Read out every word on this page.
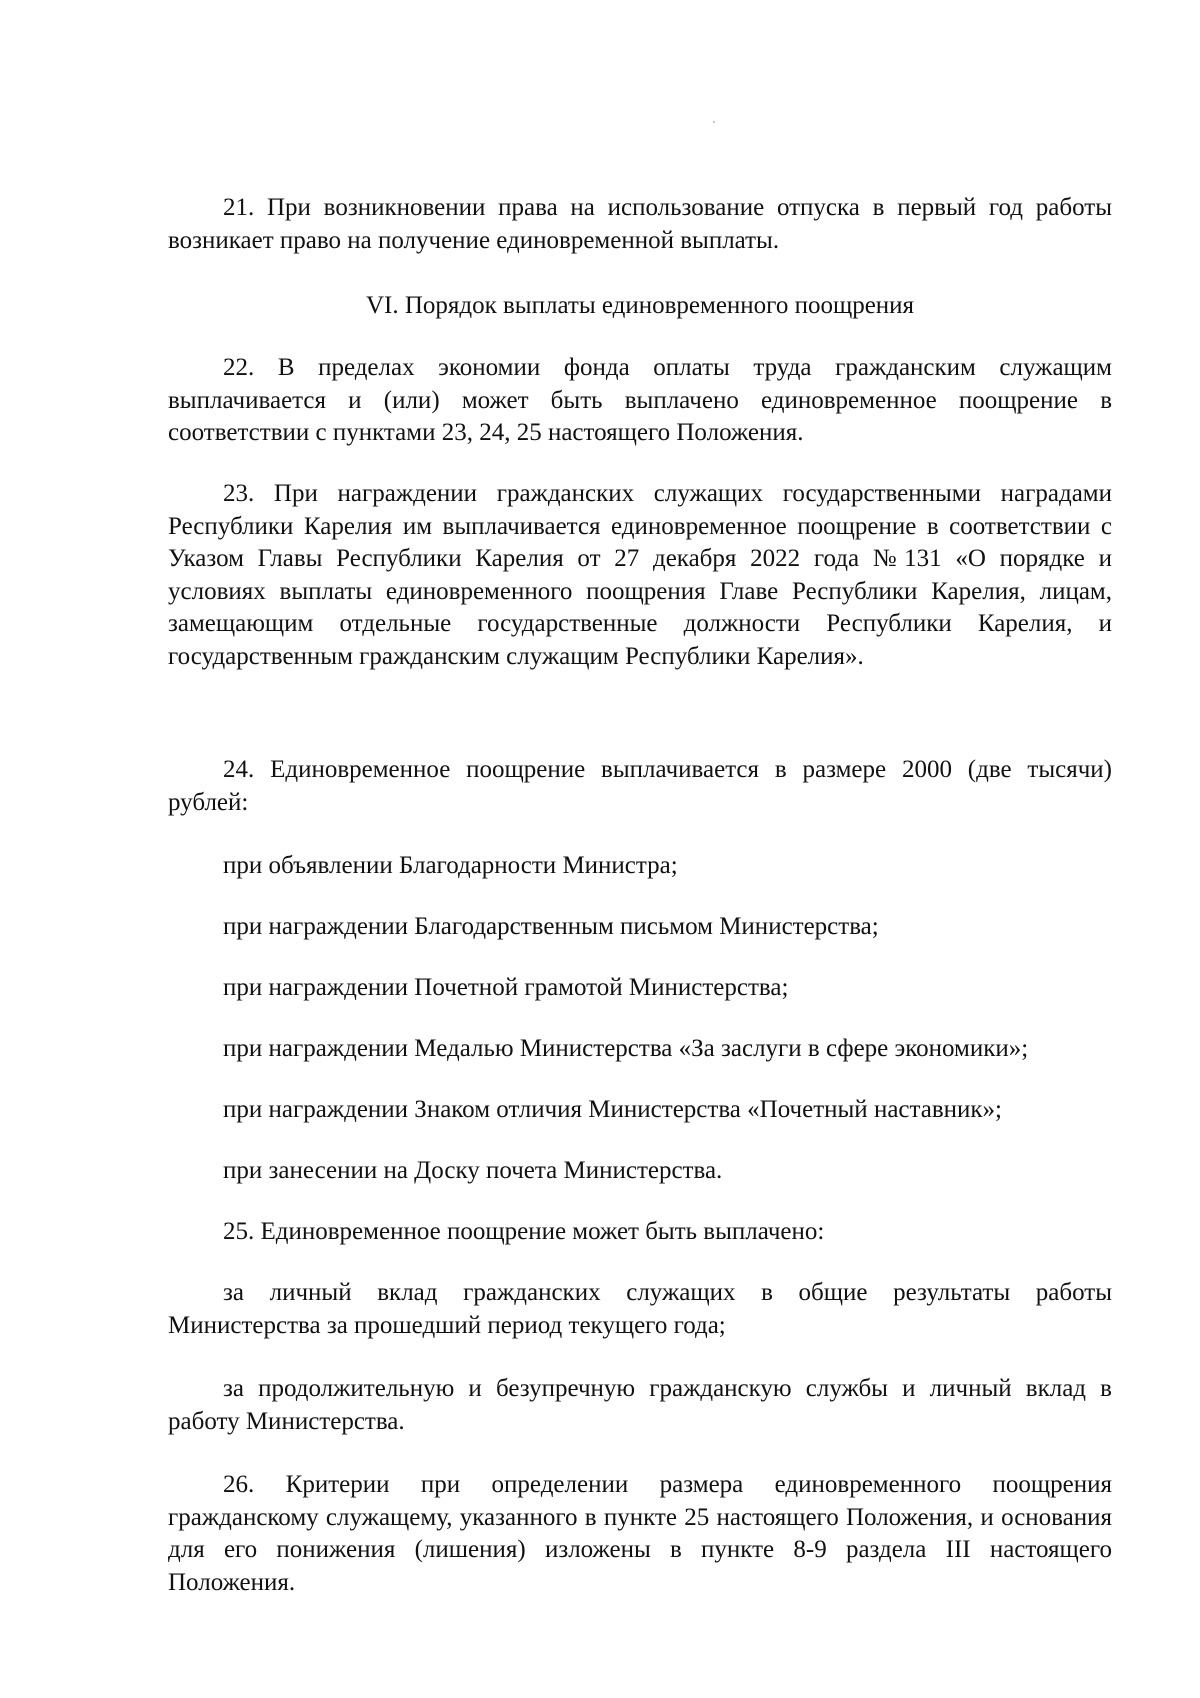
21. При возникновении права на использование отпуска в первый год работы возникает право на получение единовременной выплаты.

VI. Порядок выплаты единовременного поощрения

22. В пределах экономии фонда оплаты труда гражданским служащим выплачивается и (или) может быть выплачено единовременное поощрение в соответствии с пунктами 23, 24, 25 настоящего Положения.

23. При награждении гражданских служащих государственными наградами Республики Карелия им выплачивается единовременное поощрение в соответствии с Указом Главы Республики Карелия от 27 декабря 2022 года №131 «О порядке и условиях выплаты единовременного поощрения Главе Республики Карелия, лицам, замещающим отдельные государственные должности Республики Карелия, и государственным гражданским служащим Республики Карелия».

24. Единовременное поощрение выплачивается в размере 2000 (две тысячи) рублей:

при объявлении Благодарности Министра;

при награждении Благодарственным письмом Министерства;

при награждении Почетной грамотой Министерства;

при награждении Медалью Министерства «За заслуги в сфере экономики»;

при награждении Знаком отличия Министерства «Почетный наставник»;

при занесении на Доску почета Министерства.

25. Единовременное поощрение может быть выплачено:

за личный вклад гражданских служащих в общие результаты работы Министерства за прошедший период текущего года;

за продолжительную и безупречную гражданскую службы и личный вклад в работу Министерства.

26. Критерии при определении размера единовременного поощрения гражданскому служащему, указанного в пункте 25 настоящего Положения, и основания для его понижения (лишения) изложены в пункте 8-9 раздела III настоящего Положения.
